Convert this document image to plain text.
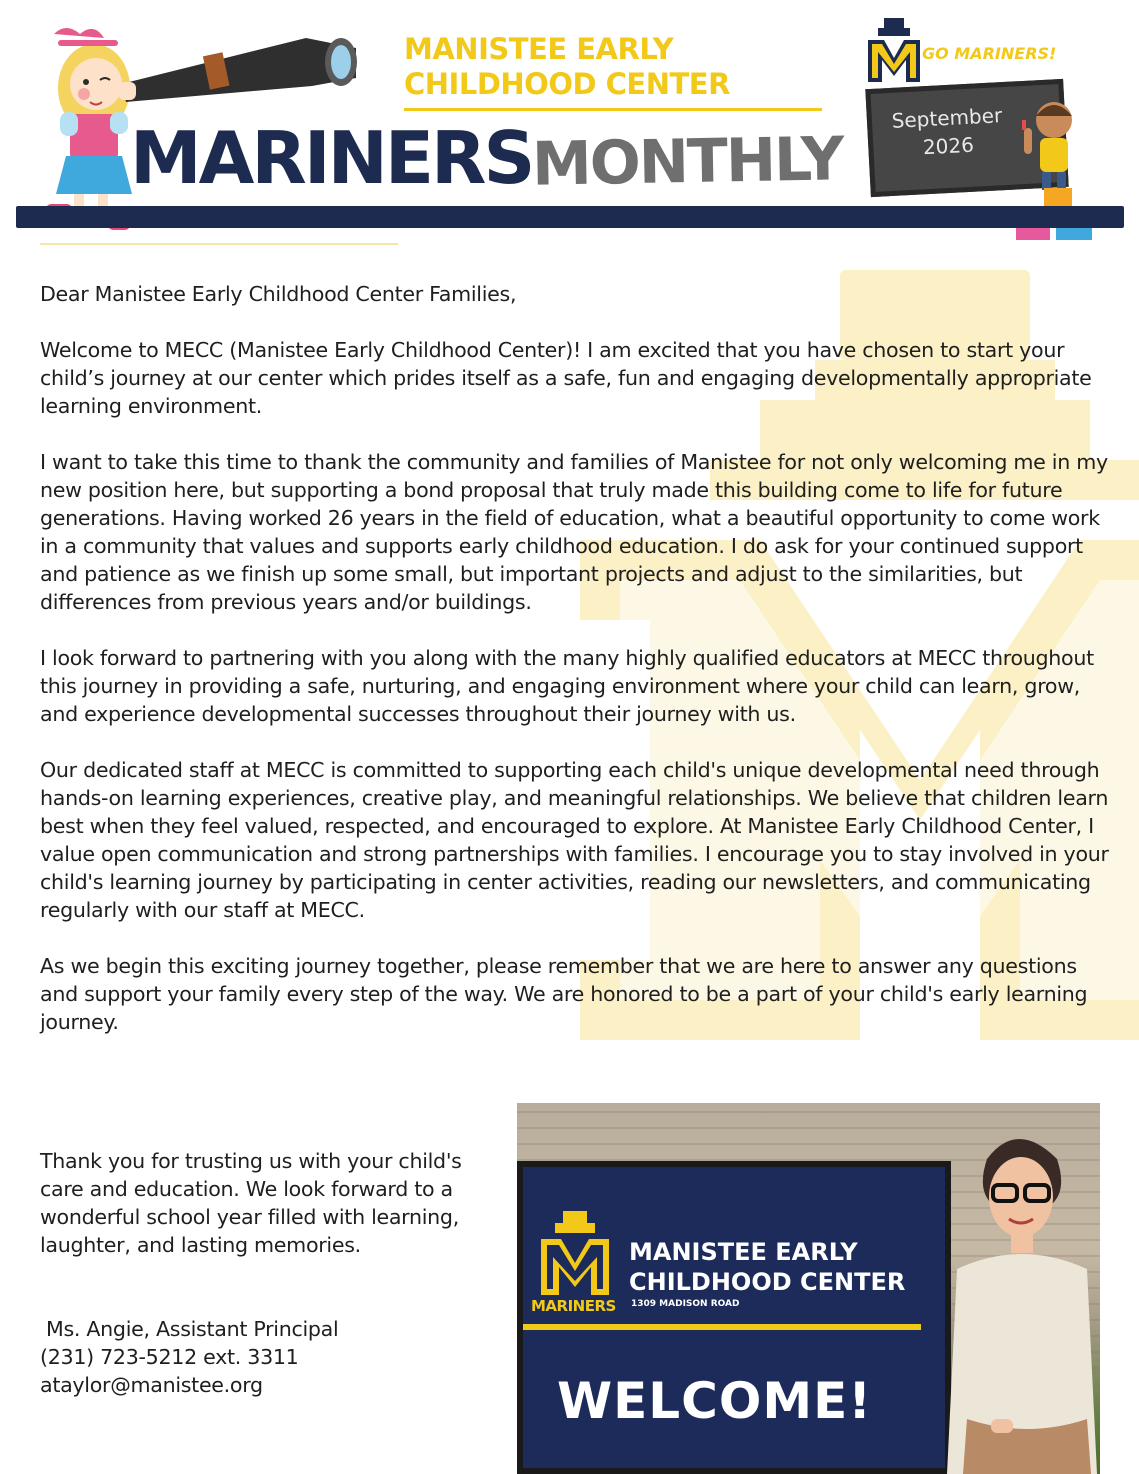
MANISTEE EARLY
CHILDHOOD CENTER
MARINERS MONTHLY
GO MARINERS!
September
2026

Dear Manistee Early Childhood Center Families,

Welcome to MECC (Manistee Early Childhood Center)! I am excited that you have chosen to start your child’s journey at our center which prides itself as a safe, fun and engaging developmentally appropriate learning environment.

I want to take this time to thank the community and families of Manistee for not only welcoming me in my new position here, but supporting a bond proposal that truly made this building come to life for future generations. Having worked 26 years in the field of education, what a beautiful opportunity to come work in a community that values and supports early childhood education. I do ask for your continued support and patience as we finish up some small, but important projects and adjust to the similarities, but differences from previous years and/or buildings.

I look forward to partnering with you along with the many highly qualified educators at MECC throughout this journey in providing a safe, nurturing, and engaging environment where your child can learn, grow, and experience developmental successes throughout their journey with us.

Our dedicated staff at MECC is committed to supporting each child's unique developmental need through hands-on learning experiences, creative play, and meaningful relationships. We believe that children learn best when they feel valued, respected, and encouraged to explore. At Manistee Early Childhood Center, I value open communication and strong partnerships with families. I encourage you to stay involved in your child's learning journey by participating in center activities, reading our newsletters, and communicating regularly with our staff at MECC.

As we begin this exciting journey together, please remember that we are here to answer any questions and support your family every step of the way. We are honored to be a part of your child's early learning journey.

Thank you for trusting us with your child's care and education. We look forward to a wonderful school year filled with learning, laughter, and lasting memories.

Ms. Angie, Assistant Principal
(231) 723-5212 ext. 3311
ataylor@manistee.org
MARINERS
MANISTEE EARLY
CHILDHOOD CENTER
1309 MADISON ROAD
WELCOME!
